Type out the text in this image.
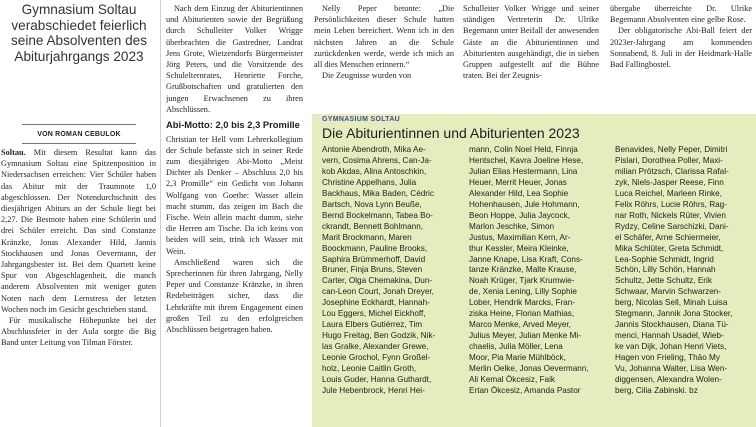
Gymnasium Soltau verabschiedet feierlich seine Absolventen des Abiturjahrgangs 2023
VON ROMAN CEBULOK

Soltau. Mit diesem Resultat kann das Gymnasium Soltau eine Spitzenposition in Niedersachsen erreichen: Vier Schüler haben das Abitur mit der Traumnote 1,0 abgeschlossen. Der Notendurchschnitt des diesjährigen Abiturs an der Schule liegt bei 2,27. Die Bestnote haben eine Schülerin und drei Schüler erreicht. Das sind Constanze Kränzke, Jonas Alexander Hild, Jannis Stockhausen und Jonas Oevermann, der Jahrgangsbester ist. Bei dem Quartett keine Spur von Abgeschlagenheit, die manch anderem Absolventen mit weniger guten Noten nach dem Lernstress der letzten Wochen noch im Gesicht geschrieben stand.

Für musikalische Höhepunkte bei der Abschlussfeier in der Aula sorgte die Big Band unter Leitung von Tilman Förster.

Nach dem Einzug der Abiturientinnen und Abiturienten sowie der Begrüßung durch Schulleiter Volker Wrigge überbrachten die Gastredner, Landrat Jens Grote, Wietzendorfs Bürgermeister Jörg Peters, und die Vorsitzende des Schulelternrates, Henriette Forche, Grußbotschaften und gratulierten den jungen Erwachsenen zu ihren Abschlüssen.

Abi-Motto: 2,0 bis 2,3 Promille

Christian ter Hell vom Lehrerkollegium der Schule befasste sich in seiner Rede zum diesjährigen Abi-Motto „Meist Dichter als Denker – Abschluss 2,0 bis 2,3 Promille“ ein Gedicht von Johann Wolfgang von Goethe: Wasser allein macht stumm, das zeigen im Bach die Fische. Wein allein macht dumm, siehe die Herren am Tische. Da ich keins von beiden will sein, trink ich Wasser mit Wein.

Anschließend waren sich die Sprecherinnen für ihren Jahrgang, Nelly Peper und Constanze Kränzke, in ihren Redebeiträgen sicher, dass die Lehrkräfte mit ihrem Engagement einen großen Teil zu den erfolgreichen Abschlüssen beigetragen haben.

Nelly Peper betonte: „Die Persönlichkeiten dieser Schule hatten mein Leben bereichert. Wenn ich in den nächsten Jahren an die Schule zurückdenken werde, werde ich mich an all dies Menschen erinnern.“

Die Zeugnisse wurden von

Schulleiter Volker Wrigge und seiner ständigen Vertreterin Dr. Ulrike Begemann unter Beifall der anwesenden Gäste an die Abiturientinnen und Abiturienten ausgehändigt, die in sieben Gruppen aufgestellt auf die Bühne traten. Bei der Zeugnis-

übergabe überreichte Dr. Ulrike Begemann Absolventen eine gelbe Rose.

Der obligatorische Abi-Ball feiert der 2023er-Jahrgang am kommenden Sonnabend, 8. Juli in der Heidmark-Halle Bad Fallingbostel.

GYMNASIUM SOLTAU
Die Abiturientinnen und Abiturienten 2023
Antonie Abendroth, Mika Ae-
vern, Cosima Ahrens, Can-Ja-
kob Akdas, Alina Antoschkin,
Christine Appelhans, Julia
Backhaus, Mika Baden, Cédric
Bartsch, Nova Lynn Beuße,
Bernd Bockelmann, Tabea Bo-
ckrandt, Bennett Bohlmann,
Marit Brockmann, Maren
Boockmann, Pauline Brooks,
Saphira Brümmerhoff, David
Bruner, Finja Bruns, Steven
Carter, Olga Chemakina, Dun-
can-Leon Court, Jonah Dreyer,
Josephine Eckhardt, Hannah-
Lou Eggers, Michel Eickhoff,
Laura Elbers Gutiérrez, Tim
Hugo Freitag, Ben Godzik, Nik-
las Gralke, Alexander Grewe,
Leonie Grochol, Fynn Großel-
holz, Leonie Caitlin Groth,
Louis Guder, Hanna Guthardt,
Jule Hebenbrock, Henri Hei-
mann, Colin Noel Held, Finnja
Hentschel, Kavra Joeline Hese,
Julian Elias Hestermann, Lina
Heuer, Merrit Heuer, Jonas
Alexander Hild, Lea Sophie
Hohenhausen, Jule Hohmann,
Beon Hoppe, Julia Jaycock,
Marlon Jeschke, Simon
Justus, Maximilian Kern, Ar-
thur Kessler, Meira Kleinke,
Janne Knape, Lisa Kraft, Cons-
tanze Kränzke, Malte Krause,
Noah Krüger, Tjark Krumwie-
de, Xenia Lening, Lilly Sophie
Lober, Hendrik Marcks, Fran-
ziska Heine, Florian Mathias,
Marco Menke, Arved Meyer,
Julius Meyer, Julian Menke Mi-
chaelis, Julia Möller, Lena
Moor, Pia Marie Mühlböck,
Merlin Oelke, Jonas Oevermann,
Ali Kemal Ökcesiz, Faik
Ertan Ökcesiz, Amanda Pastor
Benavides, Nelly Peper, Dimitri
Pislari, Dorothea Poller, Maxi-
milian Prötzsch, Clarissa Rafal-
zyk, Niels-Jasper Reese, Finn
Luca Reichel, Marleen Rinke,
Felix Röhrs, Lucie Röhrs, Rag-
nar Roth, Nickels Rüter, Vivien
Rydzy, Celine Sarschizki, Dani-
el Schäfer, Arne Schiermeier,
Mika Schlüter, Greta Schmidt,
Lea-Sophie Schmidt, Ingrid
Schön, Lilly Schön, Hannah
Schultz, Jette Schultz, Erik
Schwaar, Marvin Schwarzen-
berg, Nicolas Sell, Minah Luisa
Stegmann, Jannik Jona Stocker,
Jannis Stockhausen, Diana Tü-
menci, Hannah Usadel, Wieb-
ke van Dijk, Johan Henri Viets,
Hagen von Frieling, Thảo My
Vu, Johanna Walter, Lisa Wen-
diggensen, Alexandra Wolen-
berg, Cilia Zabinski. bz
